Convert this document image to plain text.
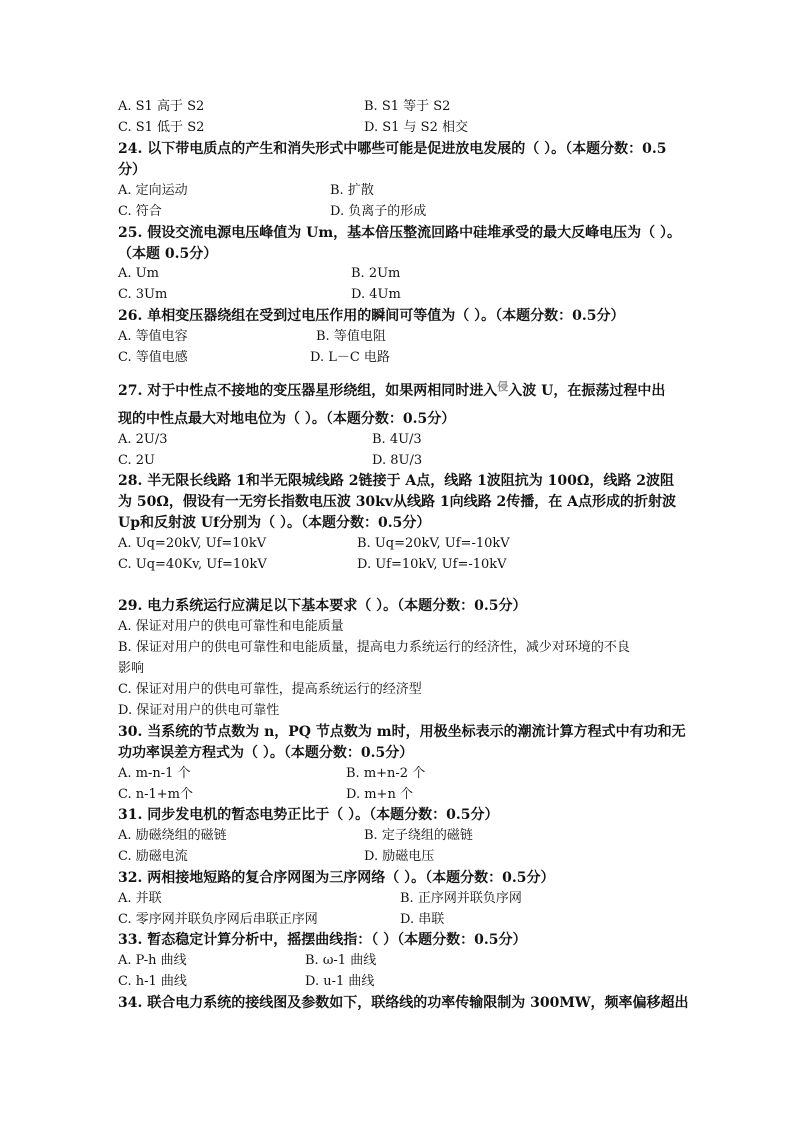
A. S1 高于 S2	B. S1 等于 S2
C. S1 低于 S2	D. S1 与 S2 相交
24. 以下带电质点的产生和消失形式中哪些可能是促进放电发展的（ ）。（本题分数：0.5
分）
A. 定向运动	B. 扩散
C. 符合	D. 负离子的形成
25. 假设交流电源电压峰值为 Um，基本倍压整流回路中硅堆承受的最大反峰电压为（ ）。
（本题 0.5分）
A. Um	B. 2Um
C. 3Um	D. 4Um
26. 单相变压器绕组在受到过电压作用的瞬间可等值为（ ）。（本题分数：0.5分）
A. 等值电容	B. 等值电阻
C. 等值电感	D. L－C 电路
27. 对于中性点不接地的变压器星形绕组，如果两相同时进入侵入波 U，在振荡过程中出
现的中性点最大对地电位为（ ）。（本题分数：0.5分）
A. 2U/3	B. 4U/3
C. 2U	D. 8U/3
28. 半无限长线路 1和半无限城线路 2链接于 A点，线路 1波阻抗为 100Ω，线路 2波阻
为 50Ω，假设有一无穷长指数电压波 30kv从线路 1向线路 2传播，在 A点形成的折射波
Up和反射波 Uf分别为（ ）。（本题分数：0.5分）
A. Uq=20kV, Uf=10kV	B. Uq=20kV, Uf=-10kV
C. Uq=40Kv, Uf=10kV	D. Uf=10kV, Uf=-10kV
29. 电力系统运行应满足以下基本要求（ ）。（本题分数：0.5分）
A. 保证对用户的供电可靠性和电能质量
B. 保证对用户的供电可靠性和电能质量，提高电力系统运行的经济性，减少对环境的不良
影响
C. 保证对用户的供电可靠性，提高系统运行的经济型
D. 保证对用户的供电可靠性
30. 当系统的节点数为 n，PQ 节点数为 m时，用极坐标表示的潮流计算方程式中有功和无
功功率误差方程式为（ ）。（本题分数：0.5分）
A. m-n-1 个	B. m+n-2 个
C. n-1+m个	D. m+n 个
31. 同步发电机的暂态电势正比于（ ）。（本题分数：0.5分）
A. 励磁绕组的磁链	B. 定子绕组的磁链
C. 励磁电流	D. 励磁电压
32. 两相接地短路的复合序网图为三序网络（ ）。（本题分数：0.5分）
A. 并联	B. 正序网并联负序网
C. 零序网并联负序网后串联正序网	D. 串联
33. 暂态稳定计算分析中，摇摆曲线指：（ ）（本题分数：0.5分）
A. P-h 曲线	B. ω-1 曲线
C. h-1 曲线	D. u-1 曲线
34. 联合电力系统的接线图及参数如下，联络线的功率传输限制为 300MW，频率偏移超出
